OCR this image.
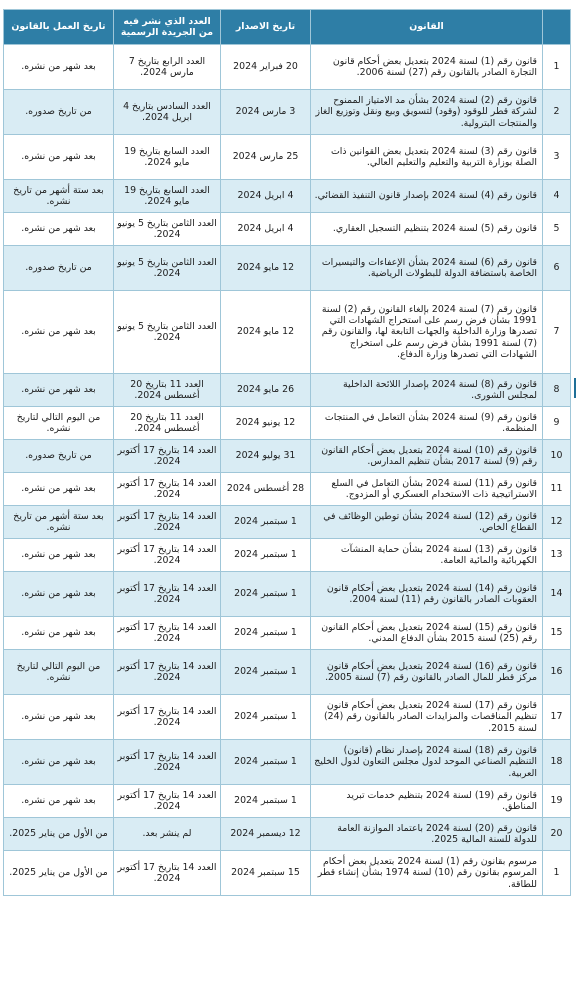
	القانون	تاريخ الاصدار	العدد الذي نشر فيه من الجريدة الرسمية	تاريخ العمل بالقانون
1	قانون رقم (1) لسنة 2024 بتعديل بعض أحكام قانون التجارة الصادر بالقانون رقم (27) لسنة 2006.	20 فبراير 2024	العدد الرابع بتاريخ 7 مارس 2024.	بعد شهر من نشره.
2	قانون رقم (2) لسنة 2024 بشأن مد الامتياز الممنوح لشركة قطر للوقود (وقود) لتسويق وبيع ونقل وتوزيع الغاز والمنتجات البترولية.	3 مارس 2024	العدد السادس بتاريخ 4 ابريل 2024.	من تاريخ صدوره.
3	قانون رقم (3) لسنة 2024 بتعديل بعض القوانين ذات الصلة بوزارة التربية والتعليم والتعليم العالي.	25 مارس 2024	العدد السابع بتاريخ 19 مايو 2024.	بعد شهر من نشره.
4	قانون رقم (4) لسنة 2024 بإصدار قانون التنفيذ القضائي.	4 ابريل 2024	العدد السابع بتاريخ 19 مايو 2024.	بعد ستة أشهر من تاريخ نشره.
5	قانون رقم (5) لسنة 2024 بتنظيم التسجيل العقاري.	4 ابريل 2024	العدد الثامن بتاريخ 5 يونيو 2024.	بعد شهر من نشره.
6	قانون رقم (6) لسنة 2024 بشأن الإعفاءات والتيسيرات الخاصة باستضافة الدولة للبطولات الرياضية.	12 مايو 2024	العدد الثامن بتاريخ 5 يونيو 2024.	من تاريخ صدوره.
7	قانون رقم (7) لسنة 2024 بإلغاء القانون رقم (2) لسنة 1991 بشأن فرض رسم على استخراج الشهادات التي تصدرها وزارة الداخلية والجهات التابعة لها، والقانون رقم (7) لسنة 1991 بشأن فرض رسم على استخراج الشهادات التي تصدرها وزارة الدفاع.	12 مايو 2024	العدد الثامن بتاريخ 5 يونيو 2024.	بعد شهر من نشره.
8	قانون رقم (8) لسنة 2024 بإصدار اللائحة الداخلية لمجلس الشورى.	26 مايو 2024	العدد 11 بتاريخ 20 أغسطس 2024.	بعد شهر من نشره.
9	قانون رقم (9) لسنة 2024 بشأن التعامل في المنتجات المنظمة.	12 يونيو 2024	العدد 11 بتاريخ 20 أغسطس 2024.	من اليوم التالي لتاريخ نشره.
10	قانون رقم (10) لسنة 2024 بتعديل بعض أحكام القانون رقم (9) لسنة 2017 بشأن تنظيم المدارس.	31 يوليو 2024	العدد 14 بتاريخ 17 أكتوبر 2024.	من تاريخ صدوره.
11	قانون رقم (11) لسنة 2024 بشأن التعامل في السلع الاستراتيجية ذات الاستخدام العسكري أو المزدوج.	28 أغسطس 2024	العدد 14 بتاريخ 17 أكتوبر 2024.	بعد شهر من نشره.
12	قانون رقم (12) لسنة 2024 بشأن توطين الوظائف في القطاع الخاص.	1 سبتمبر 2024	العدد 14 بتاريخ 17 أكتوبر 2024.	بعد ستة أشهر من تاريخ نشره.
13	قانون رقم (13) لسنة 2024 بشأن حماية المنشآت الكهربائية والمائية العامة.	1 سبتمبر 2024	العدد 14 بتاريخ 17 أكتوبر 2024.	بعد شهر من نشره.
14	قانون رقم (14) لسنة 2024 بتعديل بعض أحكام قانون العقوبات الصادر بالقانون رقم (11) لسنة 2004.	1 سبتمبر 2024	العدد 14 بتاريخ 17 أكتوبر 2024.	بعد شهر من نشره.
15	قانون رقم (15) لسنة 2024 بتعديل بعض أحكام القانون رقم (25) لسنة 2015 بشأن الدفاع المدني.	1 سبتمبر 2024	العدد 14 بتاريخ 17 أكتوبر 2024.	بعد شهر من نشره.
16	قانون رقم (16) لسنة 2024 بتعديل بعض أحكام قانون مركز قطر للمال الصادر بالقانون رقم (7) لسنة 2005.	1 سبتمبر 2024	العدد 14 بتاريخ 17 أكتوبر 2024.	من اليوم التالي لتاريخ نشره.
17	قانون رقم (17) لسنة 2024 بتعديل بعض أحكام قانون تنظيم المناقصات والمزايدات الصادر بالقانون رقم (24) لسنة 2015.	1 سبتمبر 2024	العدد 14 بتاريخ 17 أكتوبر 2024.	بعد شهر من نشره.
18	قانون رقم (18) لسنة 2024 بإصدار نظام (قانون) التنظيم الصناعي الموحد لدول مجلس التعاون لدول الخليج العربية.	1 سبتمبر 2024	العدد 14 بتاريخ 17 أكتوبر 2024.	بعد شهر من نشره.
19	قانون رقم (19) لسنة 2024 بتنظيم خدمات تبريد المناطق.	1 سبتمبر 2024	العدد 14 بتاريخ 17 أكتوبر 2024.	بعد شهر من نشره.
20	قانون رقم (20) لسنة 2024 باعتماد الموازنة العامة للدولة للسنة المالية 2025.	12 ديسمبر 2024	لم ينشر بعد.	من الأول من يناير 2025.
1	مرسوم بقانون رقم (1) لسنة 2024 بتعديل بعض أحكام المرسوم بقانون رقم (10) لسنة 1974 بشأن إنشاء قطر للطاقة.	15 سبتمبر 2024	العدد 14 بتاريخ 17 أكتوبر 2024.	من الأول من يناير 2025.
